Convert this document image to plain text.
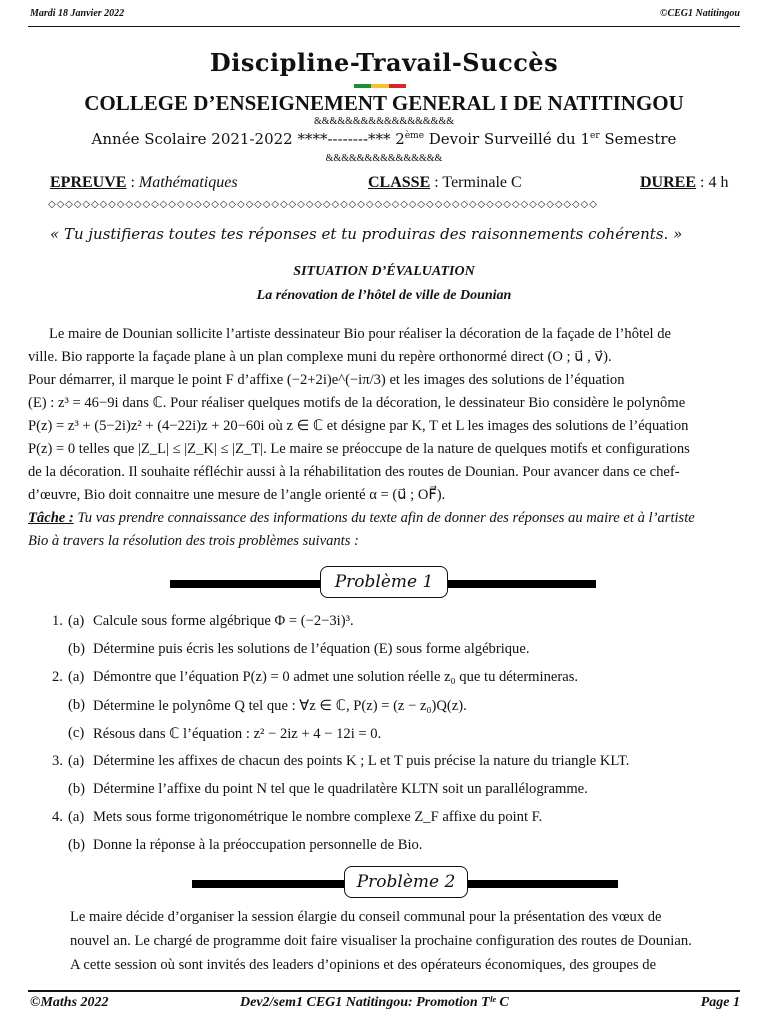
Mardi 18 Janvier 2022	©CEG1 Natitingou
Discipline-Travail-Succès
COLLEGE D’ENSEIGNEMENT GENERAL I DE NATITINGOU
&&&&&&&&&&&&&&&&&&
Année Scolaire 2021-2022 ****--------*** 2ème Devoir Surveillé du 1er Semestre
&&&&&&&&&&&&&&&
EPREUVE : Mathématiques	CLASSE : Terminale C	DUREE : 4 h
◇◇◇◇◇◇◇◇◇◇◇◇◇◇◇◇◇◇◇◇◇◇◇◇◇◇◇◇◇◇◇◇◇◇◇◇◇◇◇◇◇◇◇◇◇◇◇◇◇◇◇◇◇◇◇◇◇◇◇◇◇◇◇◇
« Tu justifieras toutes tes réponses et tu produiras des raisonnements cohérents. »
SITUATION D’ÉVALUATION
La rénovation de l’hôtel de ville de Dounian
Le maire de Dounian sollicite l’artiste dessinateur Bio pour réaliser la décoration de la façade de l’hôtel de
ville. Bio rapporte la façade plane à un plan complexe muni du repère orthonormé direct (O ; u⃗ , v⃗).
Pour démarrer, il marque le point F d’affixe (−2+2i)e^(−iπ/3) et les images des solutions de l’équation
(E) : z³ = 46−9i dans ℂ. Pour réaliser quelques motifs de la décoration, le dessinateur Bio considère le polynôme
P(z) = z³ + (5−2i)z² + (4−22i)z + 20−60i où z ∈ ℂ et désigne par K, T et L les images des solutions de l’équation
P(z) = 0 telles que |Z_L| ≤ |Z_K| ≤ |Z_T|. Le maire se préoccupe de la nature de quelques motifs et configurations
de la décoration. Il souhaite réfléchir aussi à la réhabilitation des routes de Dounian. Pour avancer dans ce chef-
d’œuvre, Bio doit connaitre une mesure de l’angle orienté α = (u⃗ ; OF⃗).
Tâche : Tu vas prendre connaissance des informations du texte afin de donner des réponses au maire et à l’artiste
Bio à travers la résolution des trois problèmes suivants :
Problème 1
1. (a) Calcule sous forme algébrique Φ = (−2−3i)³.
(b) Détermine puis écris les solutions de l’équation (E) sous forme algébrique.
2. (a) Démontre que l’équation P(z) = 0 admet une solution réelle z₀ que tu détermineras.
(b) Détermine le polynôme Q tel que : ∀z ∈ ℂ, P(z) = (z − z₀)Q(z).
(c) Résous dans ℂ l’équation : z² − 2iz + 4 − 12i = 0.
3. (a) Détermine les affixes de chacun des points K ; L et T puis précise la nature du triangle KLT.
(b) Détermine l’affixe du point N tel que le quadrilatère KLTN soit un parallélogramme.
4. (a) Mets sous forme trigonométrique le nombre complexe Z_F affixe du point F.
(b) Donne la réponse à la préoccupation personnelle de Bio.
Problème 2
Le maire décide d’organiser la session élargie du conseil communal pour la présentation des vœux de
nouvel an. Le chargé de programme doit faire visualiser la prochaine configuration des routes de Dounian.
A cette session où sont invités des leaders d’opinions et des opérateurs économiques, des groupes de
©Maths 2022	Dev2/sem1 CEG1 Natitingou: Promotion Tˡᵉ C	Page 1
